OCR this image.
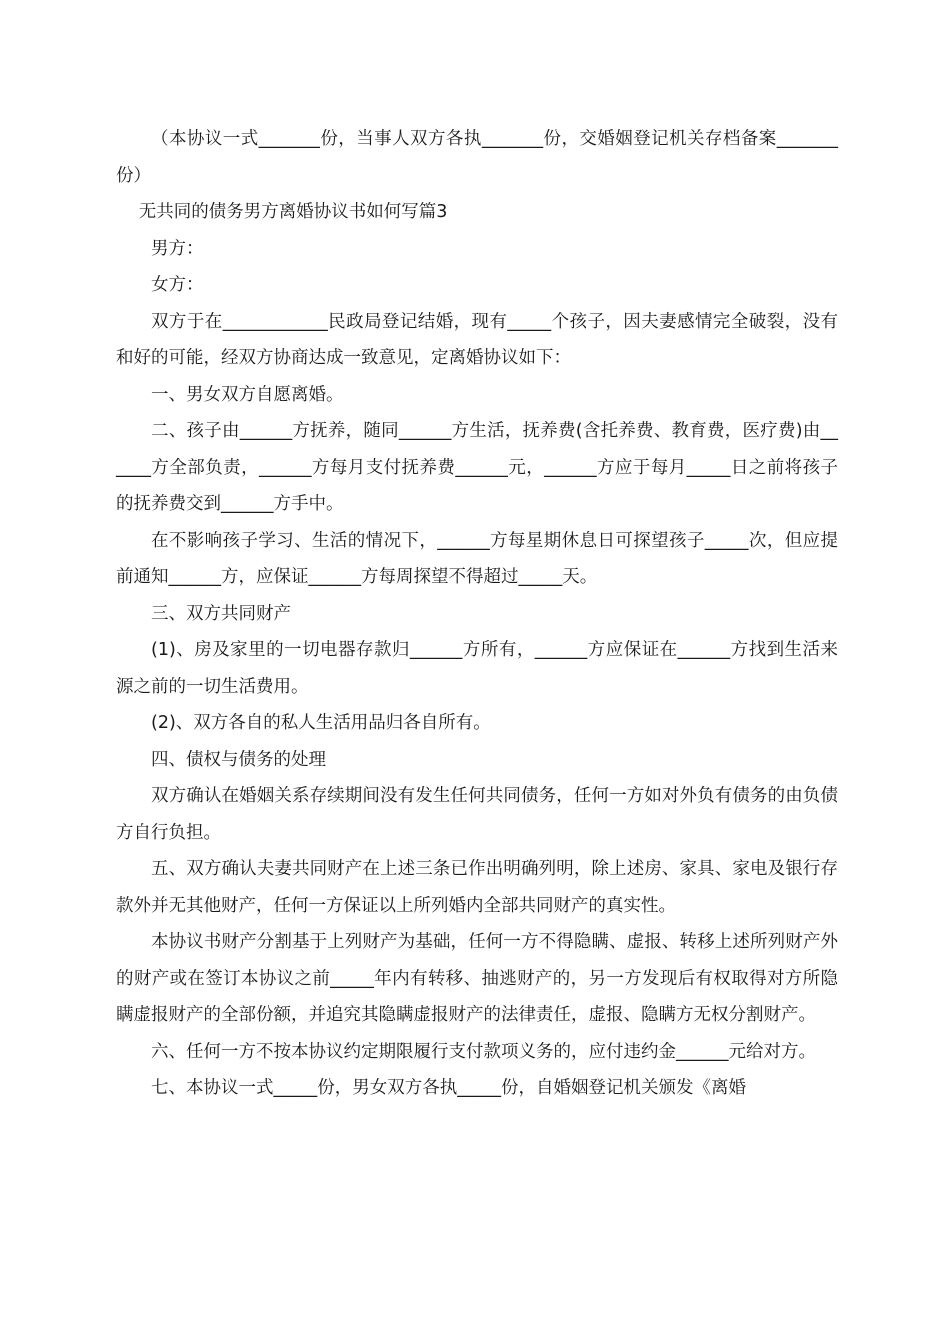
（本协议一式_______份，当事人双方各执_______份，交婚姻登记机关存档备案_______份）

无共同的债务男方离婚协议书如何写篇3

男方：

女方：

双方于在____________民政局登记结婚，现有_____个孩子，因夫妻感情完全破裂，没有和好的可能，经双方协商达成一致意见，定离婚协议如下：

一、男女双方自愿离婚。

二、孩子由______方抚养，随同______方生活，抚养费(含托养费、教育费，医疗费)由______方全部负责，______方每月支付抚养费______元，______方应于每月_____日之前将孩子的抚养费交到______方手中。

在不影响孩子学习、生活的情况下，______方每星期休息日可探望孩子_____次，但应提前通知______方，应保证______方每周探望不得超过_____天。

三、双方共同财产

(1)、房及家里的一切电器存款归______方所有，______方应保证在______方找到生活来源之前的一切生活费用。

(2)、双方各自的私人生活用品归各自所有。

四、债权与债务的处理

双方确认在婚姻关系存续期间没有发生任何共同债务，任何一方如对外负有债务的由负债方自行负担。

五、双方确认夫妻共同财产在上述三条已作出明确列明，除上述房、家具、家电及银行存款外并无其他财产，任何一方保证以上所列婚内全部共同财产的真实性。

本协议书财产分割基于上列财产为基础，任何一方不得隐瞒、虚报、转移上述所列财产外的财产或在签订本协议之前_____年内有转移、抽逃财产的，另一方发现后有权取得对方所隐瞒虚报财产的全部份额，并追究其隐瞒虚报财产的法律责任，虚报、隐瞒方无权分割财产。

六、任何一方不按本协议约定期限履行支付款项义务的，应付违约金______元给对方。

七、本协议一式_____份，男女双方各执_____份，自婚姻登记机关颁发《离婚
